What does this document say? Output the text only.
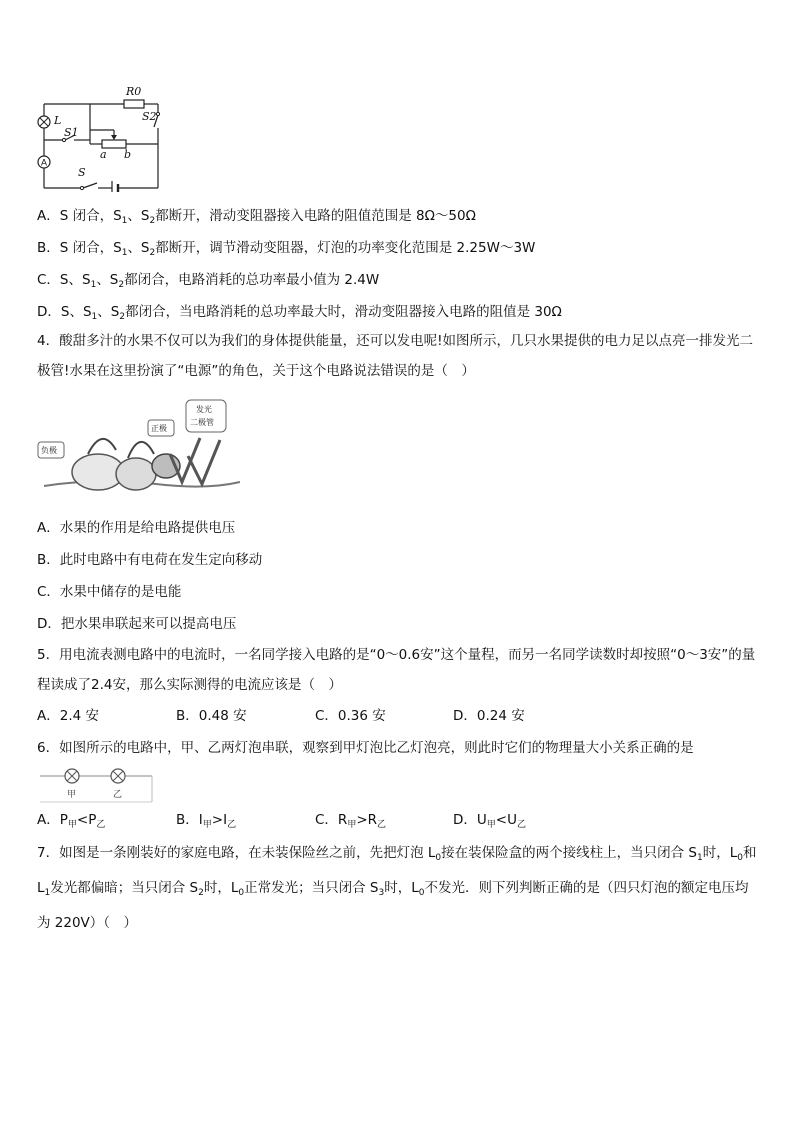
A
R0
S2
L
S1
a b
S
A．S 闭合，$S_1$、$S_2$都断开，滑动变阻器接入电路的阻值范围是 8Ω～50Ω
B．S 闭合，$S_1$、$S_2$都断开，调节滑动变阻器，灯泡的功率变化范围是 2.25W～3W
C．S、$S_1$、$S_2$都闭合，电路消耗的总功率最小值为 2.4W
D．S、$S_1$、$S_2$都闭合，当电路消耗的总功率最大时，滑动变阻器接入电路的阻值是 30Ω
4．酸甜多汁的水果不仅可以为我们的身体提供能量，还可以发电呢!如图所示，几只水果提供的电力足以点亮一排发光二极管!水果在这里扮演了“电源”的角色，关于这个电路说法错误的是（　）
负极
正极
发光
二极管
A．水果的作用是给电路提供电压
B．此时电路中有电荷在发生定向移动
C．水果中储存的是电能
D．把水果串联起来可以提高电压
5．用电流表测电路中的电流时，一名同学接入电路的是“0～0.6安”这个量程，而另一名同学读数时却按照“0～3安”的量程读成了2.4安，那么实际测得的电流应该是（　）
A．2.4 安	B．0.48 安	C．0.36 安	D．0.24 安
6．如图所示的电路中，甲、乙两灯泡串联，观察到甲灯泡比乙灯泡亮，则此时它们的物理量大小关系正确的是
甲	乙
A．$P_甲<P_乙$	B．$I_甲>I_乙$	C．$R_甲>R_乙$	D．$U_甲<U_乙$
7．如图是一条刚装好的家庭电路，在未装保险丝之前，先把灯泡 $L_0$接在装保险盒的两个接线柱上，当只闭合 $S_1$时，$L_0$和$L_1$发光都偏暗；当只闭合 $S_2$时，$L_0$正常发光；当只闭合 $S_3$时，$L_0$不发光．则下列判断正确的是（四只灯泡的额定电压均为 220V）（　）
